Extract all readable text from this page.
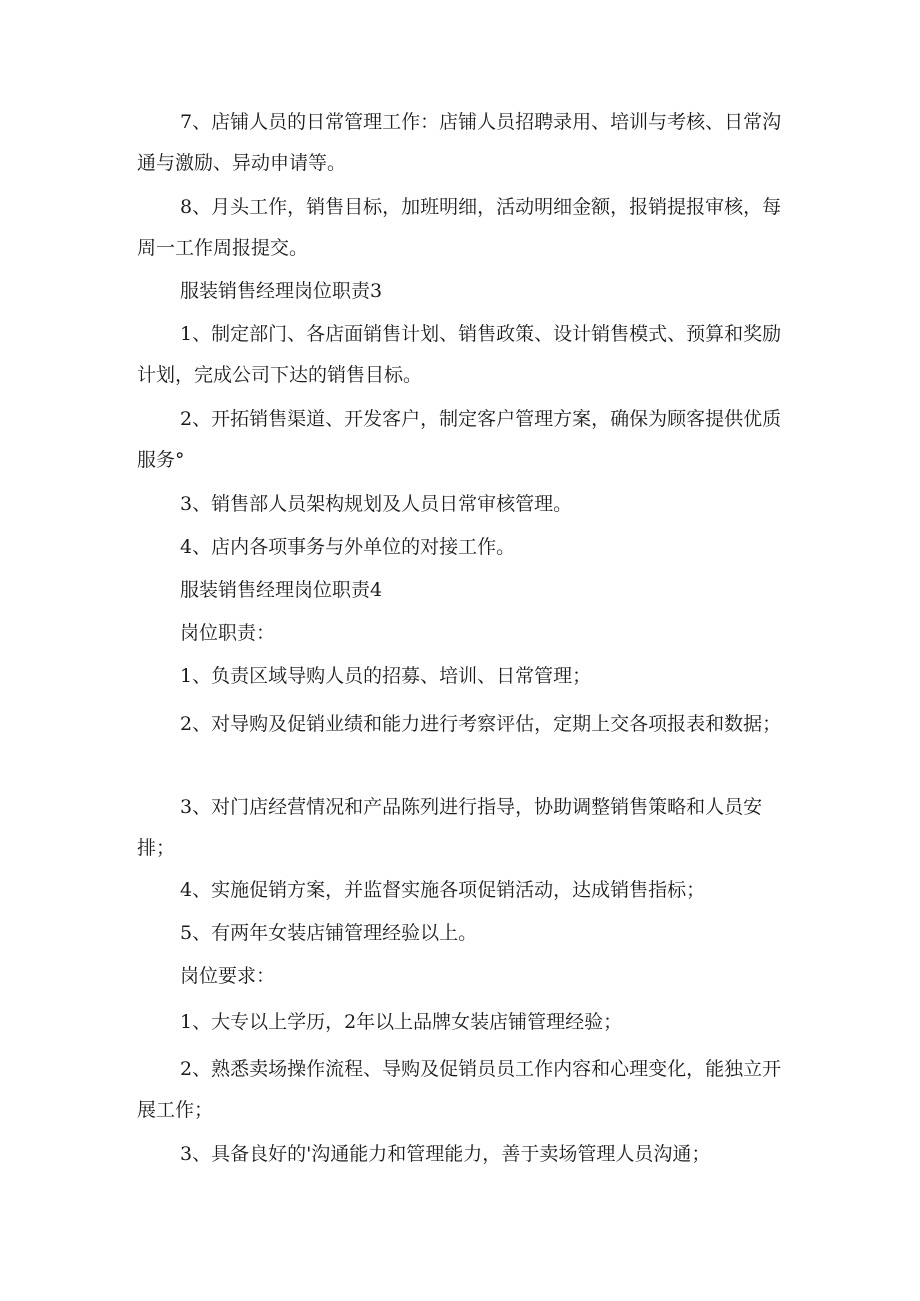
7、店铺人员的日常管理工作：店铺人员招聘录用、培训与考核、日常沟通与激励、异动申请等。

8、月头工作，销售目标，加班明细，活动明细金额，报销提报审核，每周一工作周报提交。

服装销售经理岗位职责3

1、制定部门、各店面销售计划、销售政策、设计销售模式、预算和奖励计划，完成公司下达的销售目标。

2、开拓销售渠道、开发客户，制定客户管理方案，确保为顾客提供优质服务°

3、销售部人员架构规划及人员日常审核管理。

4、店内各项事务与外单位的对接工作。

服装销售经理岗位职责4

岗位职责：

1、负责区域导购人员的招募、培训、日常管理；

2、对导购及促销业绩和能力进行考察评估，定期上交各项报表和数据；

3、对门店经营情况和产品陈列进行指导，协助调整销售策略和人员安排；

4、实施促销方案，并监督实施各项促销活动，达成销售指标；

5、有两年女装店铺管理经验以上。

岗位要求：

1、大专以上学历，2年以上品牌女装店铺管理经验；

2、熟悉卖场操作流程、导购及促销员员工作内容和心理变化，能独立开展工作；

3、具备良好的'沟通能力和管理能力，善于卖场管理人员沟通；
